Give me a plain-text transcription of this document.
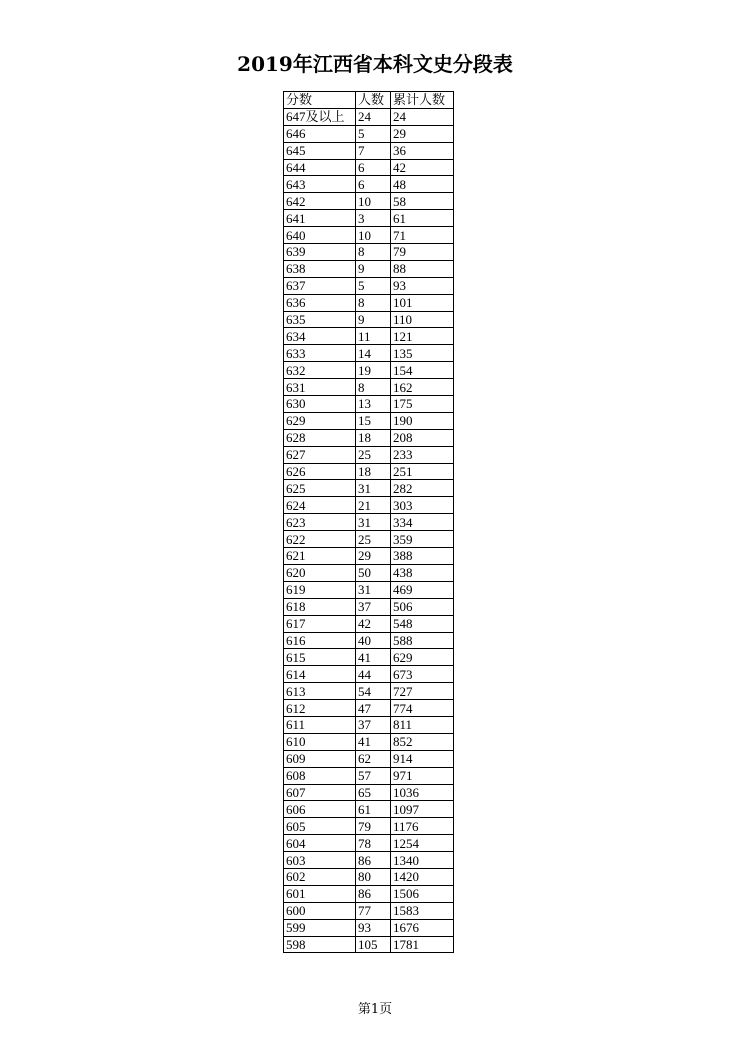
2019年江西省本科文史分段表
分数	人数	累计人数
647及以上	24	24
646	5	29
645	7	36
644	6	42
643	6	48
642	10	58
641	3	61
640	10	71
639	8	79
638	9	88
637	5	93
636	8	101
635	9	110
634	11	121
633	14	135
632	19	154
631	8	162
630	13	175
629	15	190
628	18	208
627	25	233
626	18	251
625	31	282
624	21	303
623	31	334
622	25	359
621	29	388
620	50	438
619	31	469
618	37	506
617	42	548
616	40	588
615	41	629
614	44	673
613	54	727
612	47	774
611	37	811
610	41	852
609	62	914
608	57	971
607	65	1036
606	61	1097
605	79	1176
604	78	1254
603	86	1340
602	80	1420
601	86	1506
600	77	1583
599	93	1676
598	105	1781
第1页
